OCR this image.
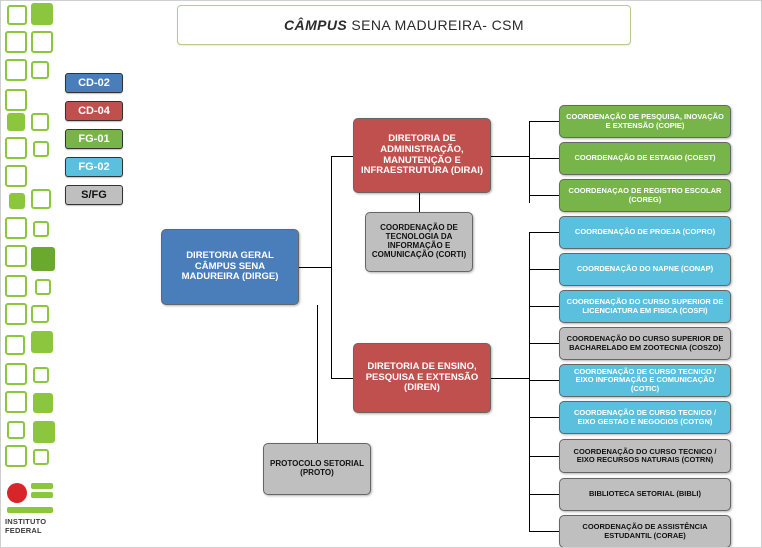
INSTITUTO
FEDERAL
CÂMPUS SENA MADUREIRA- CSM
CD-02
CD-04
FG-01
FG-02
S/FG
DIRETORIA GERAL CÂMPUS SENA MADUREIRA (DIRGE)
DIRETORIA DE ADMINISTRAÇÃO, MANUTENÇÃO E INFRAESTRUTURA (DIRAI)
DIRETORIA DE ENSINO, PESQUISA E EXTENSÃO (DIREN)
COORDENAÇÃO DE TECNOLOGIA DA INFORMAÇÃO E COMUNICAÇÃO (CORTI)
PROTOCOLO SETORIAL (PROTO)
COORDENAÇÃO DE PESQUISA, INOVAÇÃO E EXTENSÃO (COPIE)
COORDENAÇÃO DE ESTAGIO (COEST)
COORDENAÇAO DE REGISTRO ESCOLAR (COREG)
COORDENAÇÃO DE PROEJA (COPRO)
COORDENAÇÃO DO NAPNE (CONAP)
COORDENAÇÃO DO CURSO SUPERIOR DE LICENCIATURA EM FISICA (COSFI)
COORDENAÇÃO DO CURSO SUPERIOR DE BACHARELADO EM ZOOTECNIA (COSZO)
COORDENAÇÃO DE CURSO TECNICO / EIXO INFORMAÇÃO E COMUNICAÇÃO (COTIC)
COORDENAÇÃO DE CURSO TECNICO / EIXO GESTAO E NEGOCIOS (COTGN)
COORDENAÇÃO DO CURSO TECNICO / EIXO RECURSOS NATURAIS (COTRN)
BIBLIOTECA SETORIAL (BIBLI)
COORDENAÇÃO DE ASSISTÊNCIA ESTUDANTIL (CORAE)
